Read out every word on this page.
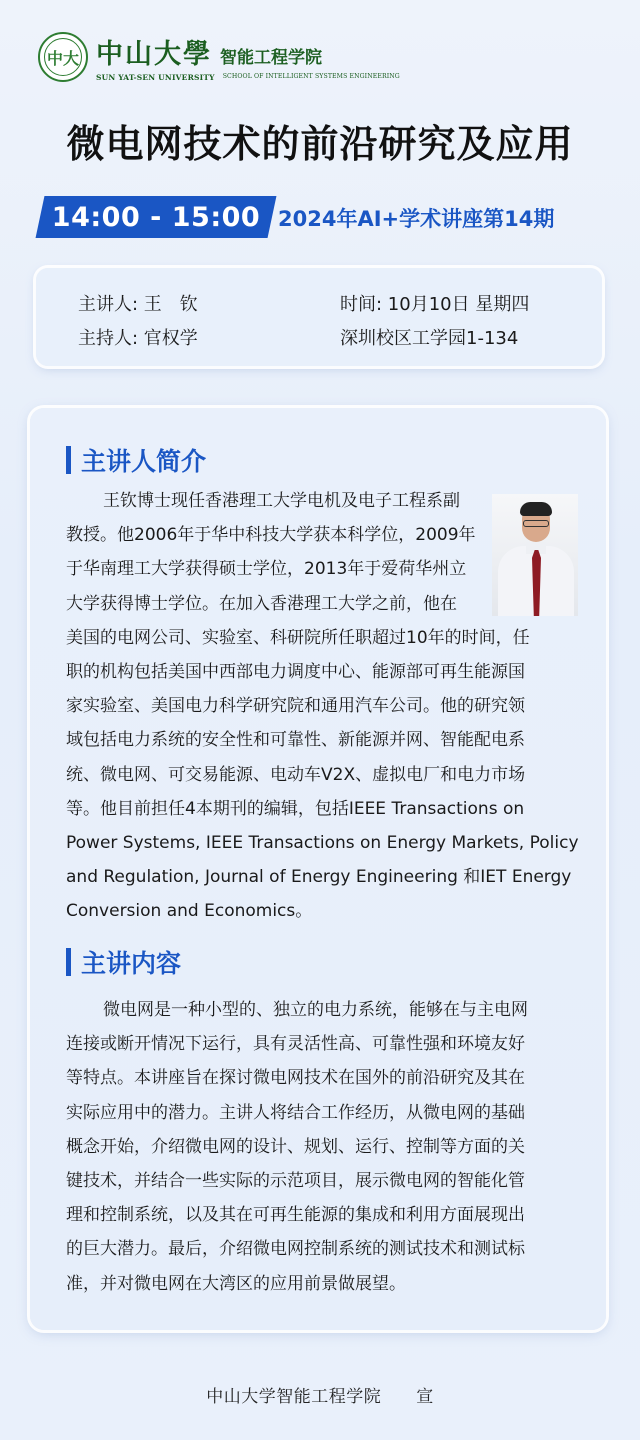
中大 中山大學 智能工程学院
SUN YAT-SEN UNIVERSITY SCHOOL OF INTELLIGENT SYSTEMS ENGINEERING
微电网技术的前沿研究及应用
14:00 - 15:00 2024年AI+学术讲座第14期
主讲人: 王　钦	时间: 10月10日 星期四
主持人: 官权学	深圳校区工学园1-134
主讲人简介
王钦博士现任香港理工大学电机及电子工程系副
教授。他2006年于华中科技大学获本科学位，2009年
于华南理工大学获得硕士学位，2013年于爱荷华州立
大学获得博士学位。在加入香港理工大学之前，他在
美国的电网公司、实验室、科研院所任职超过10年的时间，任
职的机构包括美国中西部电力调度中心、能源部可再生能源国
家实验室、美国电力科学研究院和通用汽车公司。他的研究领
域包括电力系统的安全性和可靠性、新能源并网、智能配电系
统、微电网、可交易能源、电动车V2X、虚拟电厂和电力市场
等。他目前担任4本期刊的编辑，包括IEEE Transactions on
Power Systems, IEEE Transactions on Energy Markets, Policy
and Regulation, Journal of Energy Engineering 和IET Energy
Conversion and Economics。
主讲内容
微电网是一种小型的、独立的电力系统，能够在与主电网
连接或断开情况下运行，具有灵活性高、可靠性强和环境友好
等特点。本讲座旨在探讨微电网技术在国外的前沿研究及其在
实际应用中的潜力。主讲人将结合工作经历，从微电网的基础
概念开始，介绍微电网的设计、规划、运行、控制等方面的关
键技术，并结合一些实际的示范项目，展示微电网的智能化管
理和控制系统，以及其在可再生能源的集成和利用方面展现出
的巨大潜力。最后，介绍微电网控制系统的测试技术和测试标
准，并对微电网在大湾区的应用前景做展望。
中山大学智能工程学院　　宣
